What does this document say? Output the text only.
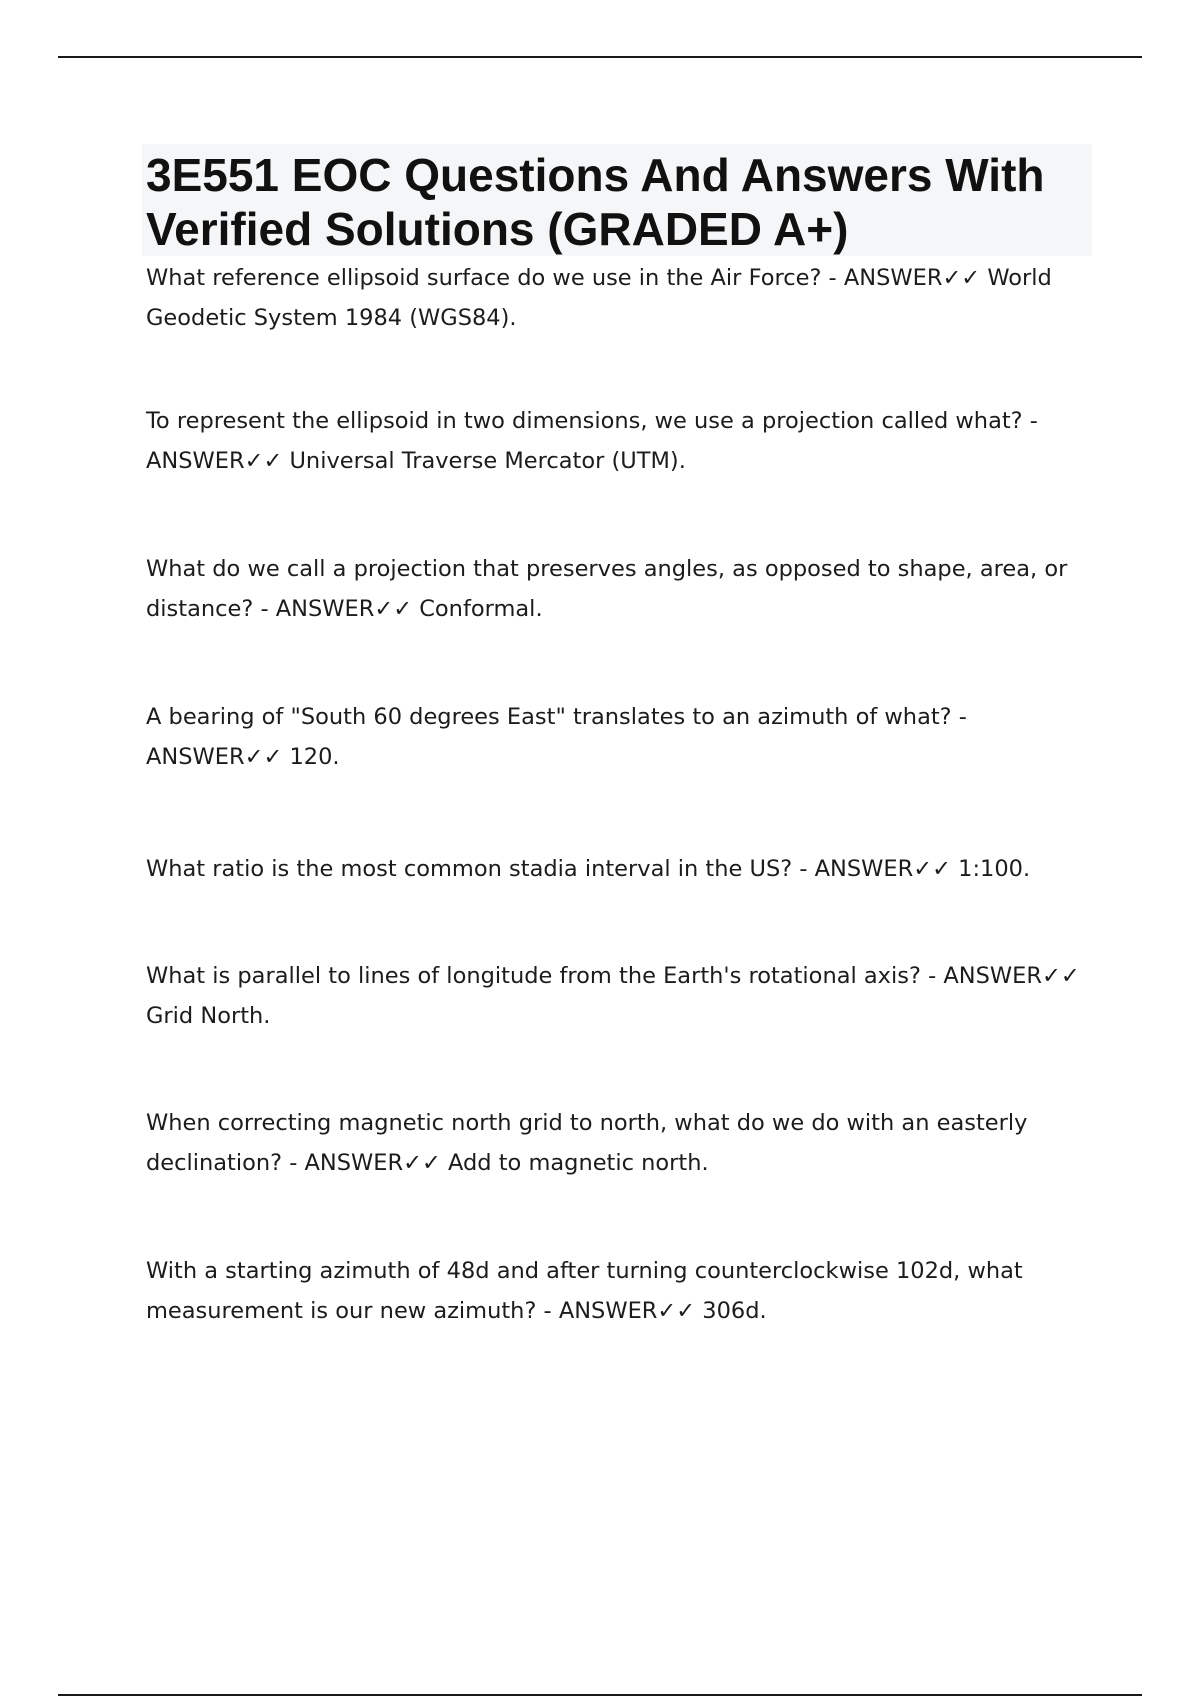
3E551 EOC Questions And Answers With Verified Solutions (GRADED A+)

What reference ellipsoid surface do we use in the Air Force? - ANSWER✓✓ World Geodetic System 1984 (WGS84).

To represent the ellipsoid in two dimensions, we use a projection called what? - ANSWER✓✓ Universal Traverse Mercator (UTM).

What do we call a projection that preserves angles, as opposed to shape, area, or distance? - ANSWER✓✓ Conformal.

A bearing of "South 60 degrees East" translates to an azimuth of what? - ANSWER✓✓ 120.

What ratio is the most common stadia interval in the US? - ANSWER✓✓ 1:100.

What is parallel to lines of longitude from the Earth's rotational axis? - ANSWER✓✓ Grid North.

When correcting magnetic north grid to north, what do we do with an easterly declination? - ANSWER✓✓ Add to magnetic north.

With a starting azimuth of 48d and after turning counterclockwise 102d, what measurement is our new azimuth? - ANSWER✓✓ 306d.
